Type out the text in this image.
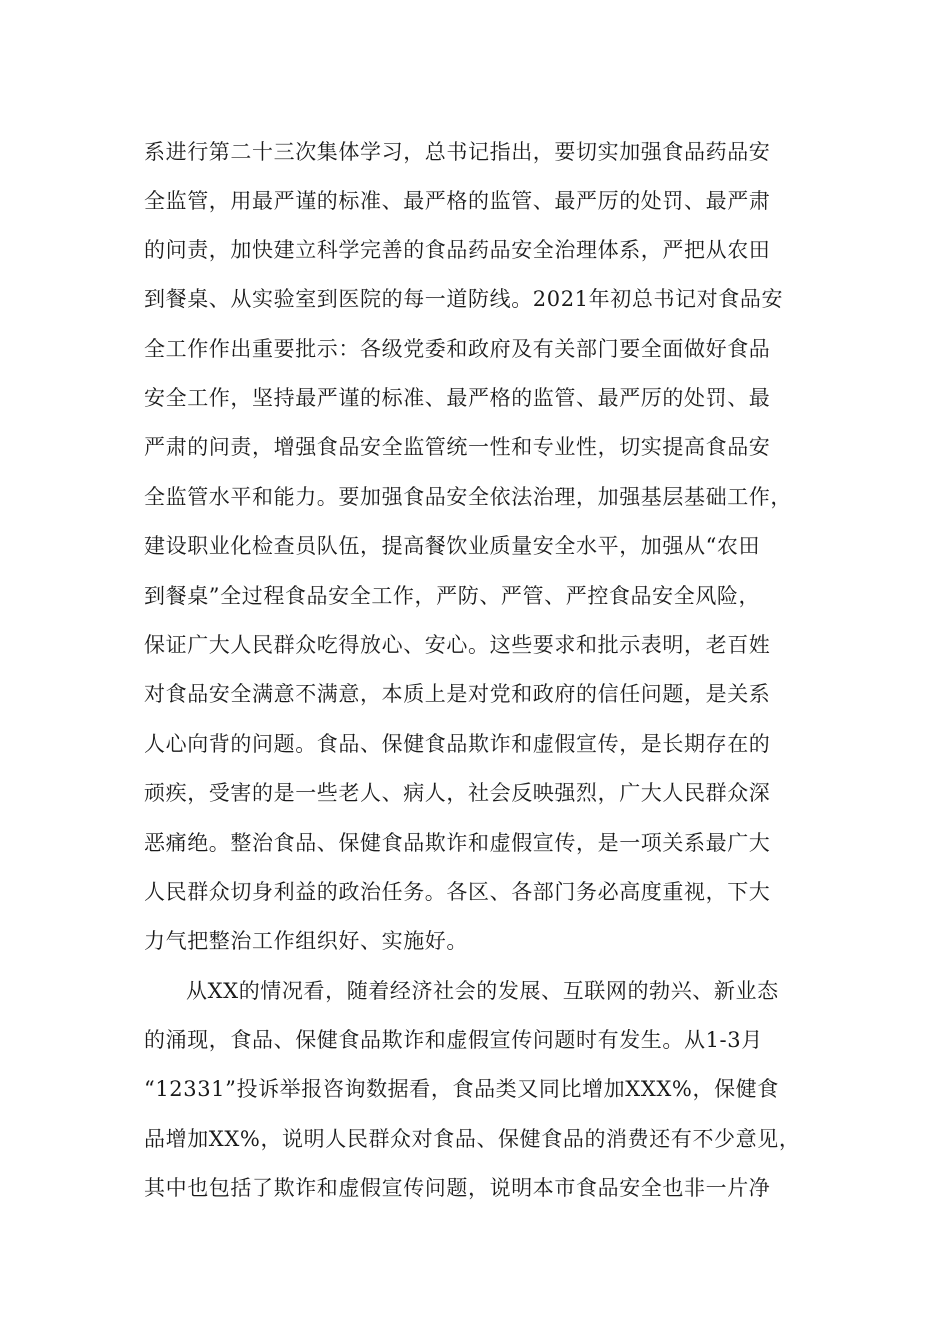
系进行第二十三次集体学习，总书记指出，要切实加强食品药品安
全监管，用最严谨的标准、最严格的监管、最严厉的处罚、最严肃
的问责，加快建立科学完善的食品药品安全治理体系，严把从农田
到餐桌、从实验室到医院的每一道防线。2021年初总书记对食品安
全工作作出重要批示：各级党委和政府及有关部门要全面做好食品
安全工作，坚持最严谨的标准、最严格的监管、最严厉的处罚、最
严肃的问责，增强食品安全监管统一性和专业性，切实提高食品安
全监管水平和能力。要加强食品安全依法治理，加强基层基础工作，
建设职业化检查员队伍，提高餐饮业质量安全水平，加强从“农田
到餐桌”全过程食品安全工作，严防、严管、严控食品安全风险，
保证广大人民群众吃得放心、安心。这些要求和批示表明，老百姓
对食品安全满意不满意，本质上是对党和政府的信任问题，是关系
人心向背的问题。食品、保健食品欺诈和虚假宣传，是长期存在的
顽疾，受害的是一些老人、病人，社会反映强烈，广大人民群众深
恶痛绝。整治食品、保健食品欺诈和虚假宣传，是一项关系最广大
人民群众切身利益的政治任务。各区、各部门务必高度重视，下大
力气把整治工作组织好、实施好。
从XX的情况看，随着经济社会的发展、互联网的勃兴、新业态
的涌现，食品、保健食品欺诈和虚假宣传问题时有发生。从1-3月
“12331”投诉举报咨询数据看，食品类又同比增加XXX%，保健食
品增加XX%，说明人民群众对食品、保健食品的消费还有不少意见，
其中也包括了欺诈和虚假宣传问题，说明本市食品安全也非一片净
